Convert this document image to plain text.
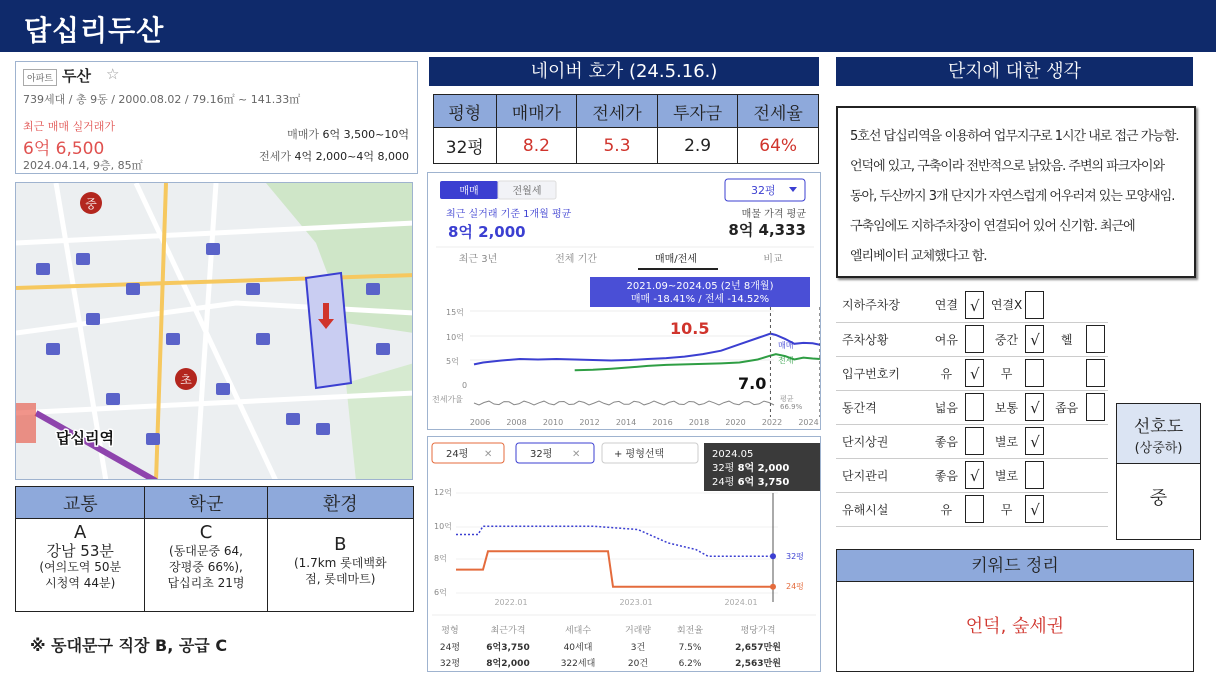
답십리두산
아파트 두산 ☆
739세대 / 총 9동 / 2000.08.02 / 79.16㎡ ~ 141.33㎡
최근 매매 실거래가
6억 6,500
2024.04.14, 9층, 85㎡
매매가 6억 3,500~10억
전세가 4억 2,000~4억 8,000
중
초
답십리역
교통	학군	환경

A
강남 53분
(여의도역 50분
시청역 44분)	C
(동대문중 64,
장평중 66%),
답십리초 21명	B
(1.7km 롯데백화
점, 롯데마트)
※ 동대문구 직장 B, 공급 C
네이버 호가 (24.5.16.)
평형	매매가	전세가	투자금	전세율
32평	8.2	5.3	2.9	64%
매매	전월세	32평
최근 실거래 기준 1개월 평균
8억 2,000
매물 가격 평균
8억 4,333
최근 3년	전체 기간	매매/전세	비교
2021.09~2024.05 (2년 8개월)
매매 -18.41% / 전세 -14.52%
15억
10억
5억
0
전세가율
2006 2008 2010 2012 2014 2016 2018 2020 2022 2024
10.5
7.0
매매
전세
평균
66.9%
24평 ✕	32평 ✕	+ 평형선택
12억
10억
8억
6억
2024.05
32평 8억 2,000
24평 6억 3,750
2022.01	2023.01	2024.01
32평
24평
평형	최근가격	세대수	거래량	회전율	평당가격
24평	6억3,750	40세대	3건	7.5%	2,657만원
32평	8억2,000	322세대	20건	6.2%	2,563만원
단지에 대한 생각
5호선 답십리역을 이용하여 업무지구로 1시간 내로 접근 가능함. 언덕에 있고, 구축이라 전반적으로 낡았음. 주변의 파크자이와 동아, 두산까지 3개 단지가 자연스럽게 어우러져 있는 모양새임. 구축임에도 지하주차장이 연결되어 있어 신기함. 최근에 엘리베이터 교체했다고 함.
지하주차장	연결	√	연결X	

주차상황	여유		중간	√	헬	

입구번호키	유	√	무	

동간격	넓음		보통	√	좁음	

단지상권	좋음		별로	√		

단지관리	좋음	√	별로	

유해시설	유		무	√		

선호도
(상중하)
중
키워드 정리
언덕, 숲세권
